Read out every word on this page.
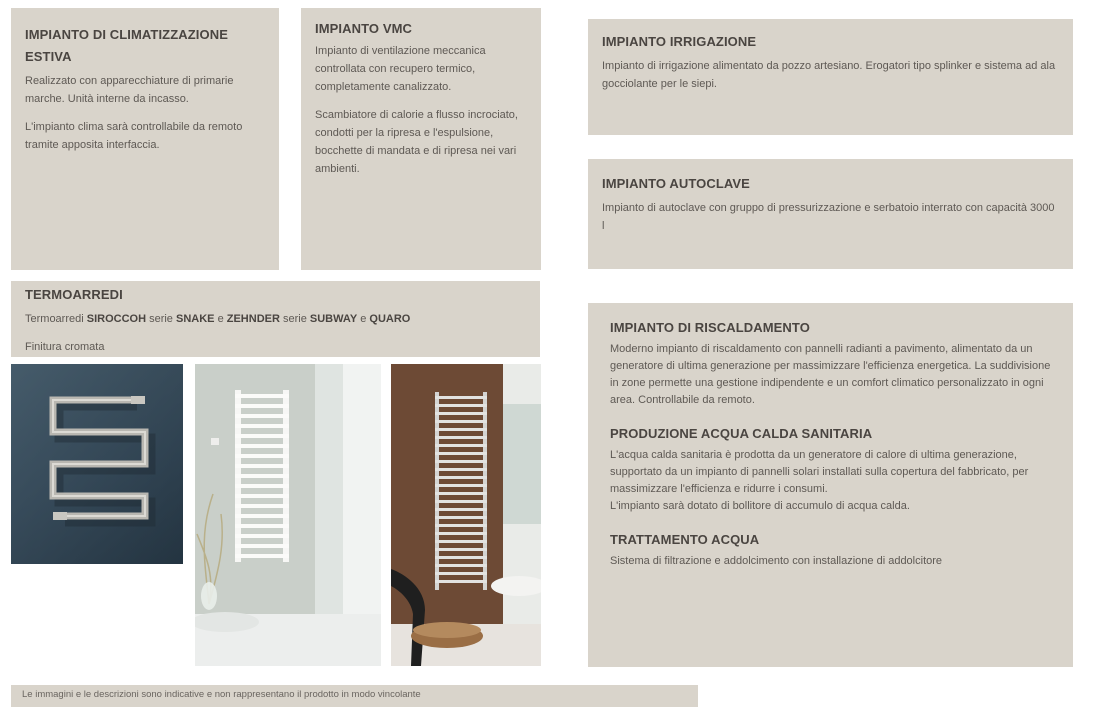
IMPIANTO DI CLIMATIZZAZIONE
ESTIVA

Realizzato con apparecchiature di primarie marche. Unità interne da incasso.

L'impianto clima sarà controllabile da remoto tramite apposita interfaccia.

IMPIANTO VMC

Impianto di ventilazione meccanica controllata con recupero termico, completamente canalizzato.

Scambiatore di calorie a flusso incrociato, condotti per la ripresa e l'espulsione, bocchette di mandata e di ripresa nei vari ambienti.

IMPIANTO IRRIGAZIONE

Impianto di irrigazione alimentato da pozzo artesiano. Erogatori tipo splinker e sistema ad ala gocciolante per le siepi.

IMPIANTO AUTOCLAVE

Impianto di autoclave con gruppo di pressurizzazione e serbatoio interrato con capacità 3000 l

TERMOARREDI

Termoarredi SIROCCOH serie SNAKE e ZEHNDER serie SUBWAY e QUARO

Finitura cromata

IMPIANTO DI RISCALDAMENTO

Moderno impianto di riscaldamento con pannelli radianti a pavimento, alimentato da un generatore di ultima generazione per massimizzare l'efficienza energetica. La suddivisione in zone permette una gestione indipendente e un comfort climatico personalizzato in ogni area. Controllabile da remoto.

PRODUZIONE ACQUA CALDA SANITARIA

L'acqua calda sanitaria è prodotta da un generatore di calore di ultima generazione, supportato da un impianto di pannelli solari installati sulla copertura del fabbricato, per massimizzare l'efficienza e ridurre i consumi.

L'impianto sarà dotato di bollitore di accumulo di acqua calda.

TRATTAMENTO ACQUA

Sistema di filtrazione e addolcimento con installazione di addolcitore

Le immagini e le descrizioni sono indicative e non rappresentano il prodotto in modo vincolante
